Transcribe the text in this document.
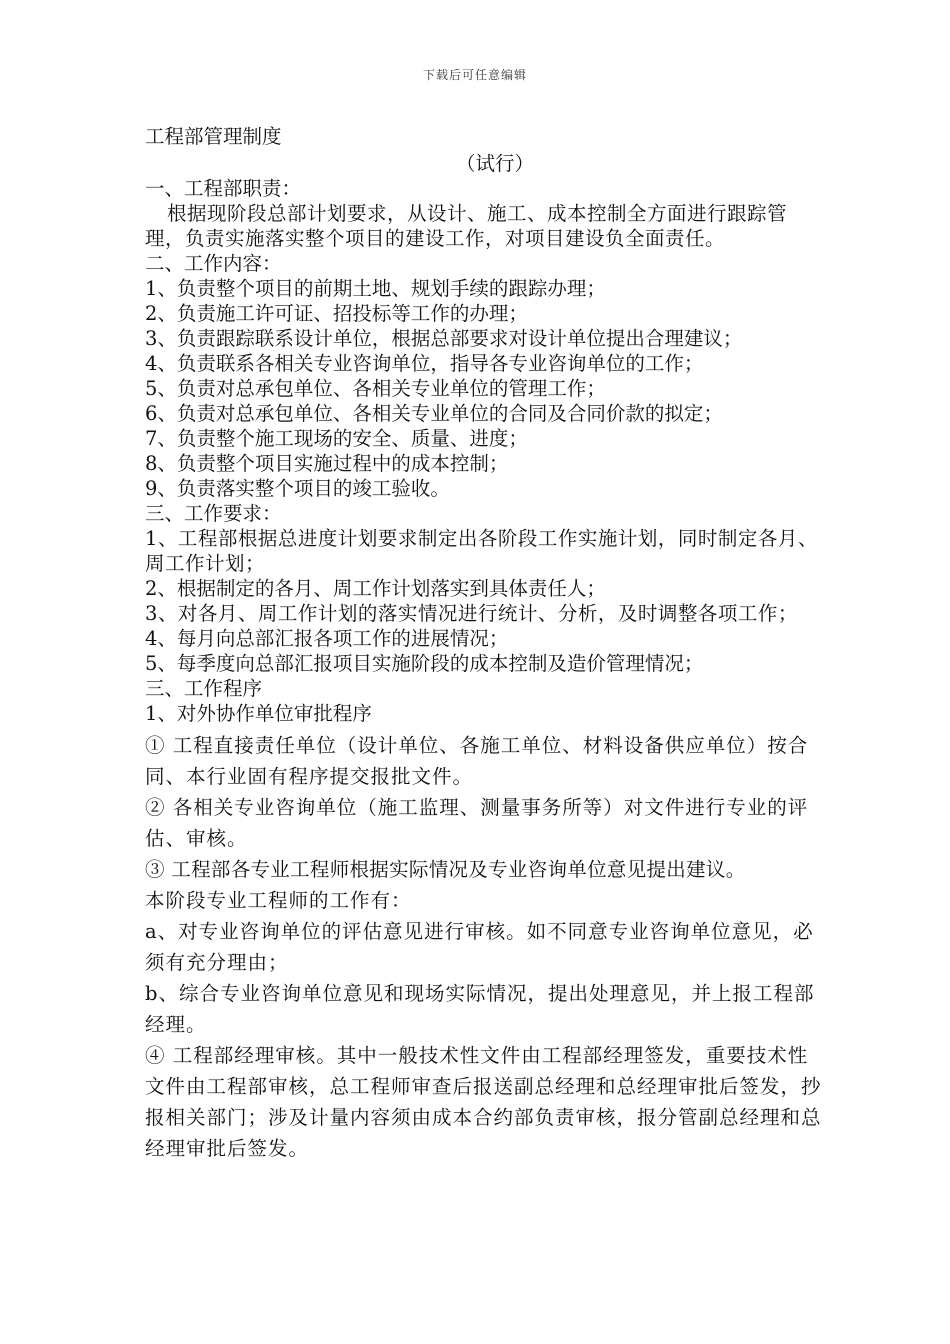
下载后可任意编辑
工程部管理制度
（试行）
一、工程部职责：
根据现阶段总部计划要求，从设计、施工、成本控制全方面进行跟踪管理，负责实施落实整个项目的建设工作，对项目建设负全面责任。
二、工作内容：
1、负责整个项目的前期土地、规划手续的跟踪办理；
2、负责施工许可证、招投标等工作的办理；
3、负责跟踪联系设计单位，根据总部要求对设计单位提出合理建议；
4、负责联系各相关专业咨询单位，指导各专业咨询单位的工作；
5、负责对总承包单位、各相关专业单位的管理工作；
6、负责对总承包单位、各相关专业单位的合同及合同价款的拟定；
7、负责整个施工现场的安全、质量、进度；
8、负责整个项目实施过程中的成本控制；
9、负责落实整个项目的竣工验收。
三、工作要求：
1、工程部根据总进度计划要求制定出各阶段工作实施计划，同时制定各月、周工作计划；
2、根据制定的各月、周工作计划落实到具体责任人；
3、对各月、周工作计划的落实情况进行统计、分析，及时调整各项工作；
4、每月向总部汇报各项工作的进展情况；
5、每季度向总部汇报项目实施阶段的成本控制及造价管理情况；
三、工作程序
1、对外协作单位审批程序
① 工程直接责任单位（设计单位、各施工单位、材料设备供应单位）按合同、本行业固有程序提交报批文件。
② 各相关专业咨询单位（施工监理、测量事务所等）对文件进行专业的评估、审核。
③ 工程部各专业工程师根据实际情况及专业咨询单位意见提出建议。
本阶段专业工程师的工作有：
a、对专业咨询单位的评估意见进行审核。如不同意专业咨询单位意见，必须有充分理由；
b、综合专业咨询单位意见和现场实际情况，提出处理意见，并上报工程部经理。
④ 工程部经理审核。其中一般技术性文件由工程部经理签发，重要技术性文件由工程部审核，总工程师审查后报送副总经理和总经理审批后签发，抄报相关部门；涉及计量内容须由成本合约部负责审核，报分管副总经理和总经理审批后签发。
